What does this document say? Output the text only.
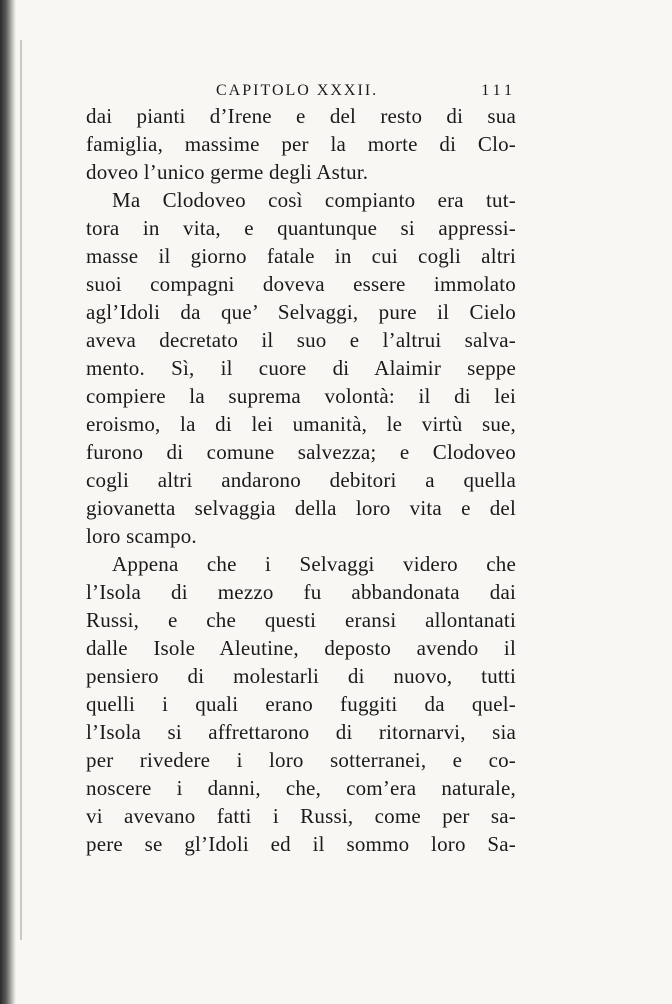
CAPITOLO XXXII.	111
dai pianti d’Irene e del resto di sua
famiglia, massime per la morte di Clo-
doveo l’unico germe degli Astur.
Ma Clodoveo così compianto era tut-
tora in vita, e quantunque si appressi-
masse il giorno fatale in cui cogli altri
suoi compagni doveva essere immolato
agl’Idoli da que’ Selvaggi, pure il Cielo
aveva decretato il suo e l’altrui salva-
mento. Sì, il cuore di Alaimir seppe
compiere la suprema volontà: il di lei
eroismo, la di lei umanità, le virtù sue,
furono di comune salvezza; e Clodoveo
cogli altri andarono debitori a quella
giovanetta selvaggia della loro vita e del
loro scampo.
Appena che i Selvaggi videro che
l’Isola di mezzo fu abbandonata dai
Russi, e che questi eransi allontanati
dalle Isole Aleutine, deposto avendo il
pensiero di molestarli di nuovo, tutti
quelli i quali erano fuggiti da quel-
l’Isola si affrettarono di ritornarvi, sia
per rivedere i loro sotterranei, e co-
noscere i danni, che, com’era naturale,
vi avevano fatti i Russi, come per sa-
pere se gl’Idoli ed il sommo loro Sa-
